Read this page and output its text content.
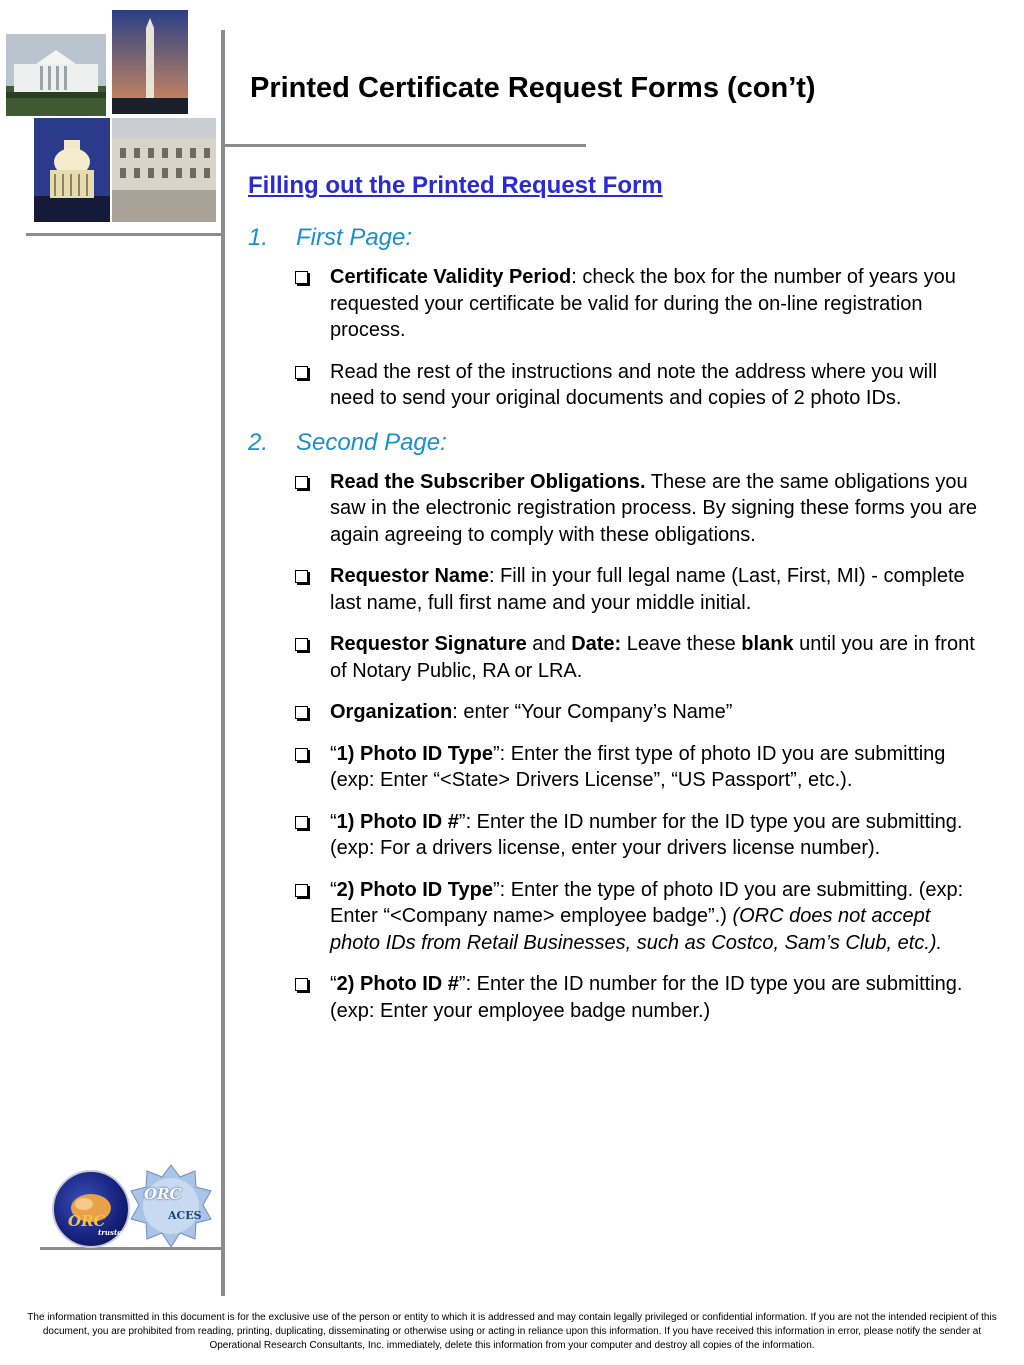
Printed Certificate Request Forms (con’t)
Filling out the Printed Request Form
1.	First Page:
Certificate Validity Period: check the box for the number of years you requested your certificate be valid for during the on-line registration process.
Read the rest of the instructions and note the address where you will need to send your original documents and copies of 2 photo IDs.
2.	Second Page:
Read the Subscriber Obligations. These are the same obligations you saw in the electronic registration process. By signing these forms you are again agreeing to comply with these obligations.
Requestor Name: Fill in your full legal name (Last, First, MI) - complete last name, full first name and your middle initial.
Requestor Signature and Date: Leave these blank until you are in front of Notary Public, RA or LRA.
Organization: enter “Your Company’s Name”
“1) Photo ID Type”: Enter the first type of photo ID you are submitting (exp: Enter “<State> Drivers License”, “US Passport”, etc.).
“1) Photo ID #”: Enter the ID number for the ID type you are submitting. (exp: For a drivers license, enter your drivers license number).
“2) Photo ID Type”: Enter the type of photo ID you are submitting. (exp: Enter “<Company name> employee badge”.) (ORC does not accept photo IDs from Retail Businesses, such as Costco, Sam’s Club, etc.).
“2) Photo ID #”: Enter the ID number for the ID type you are submitting. (exp: Enter your employee badge number.)
ORC
trusted
ORC
ACES
The information transmitted in this document is for the exclusive use of the person or entity to which it is addressed and may contain legally privileged or confidential information. If you are not the intended recipient of this document, you are prohibited from reading, printing, duplicating, disseminating or otherwise using or acting in reliance upon this information. If you have received this information in error, please notify the sender at Operational Research Consultants, Inc. immediately, delete this information from your computer and destroy all copies of the information.
